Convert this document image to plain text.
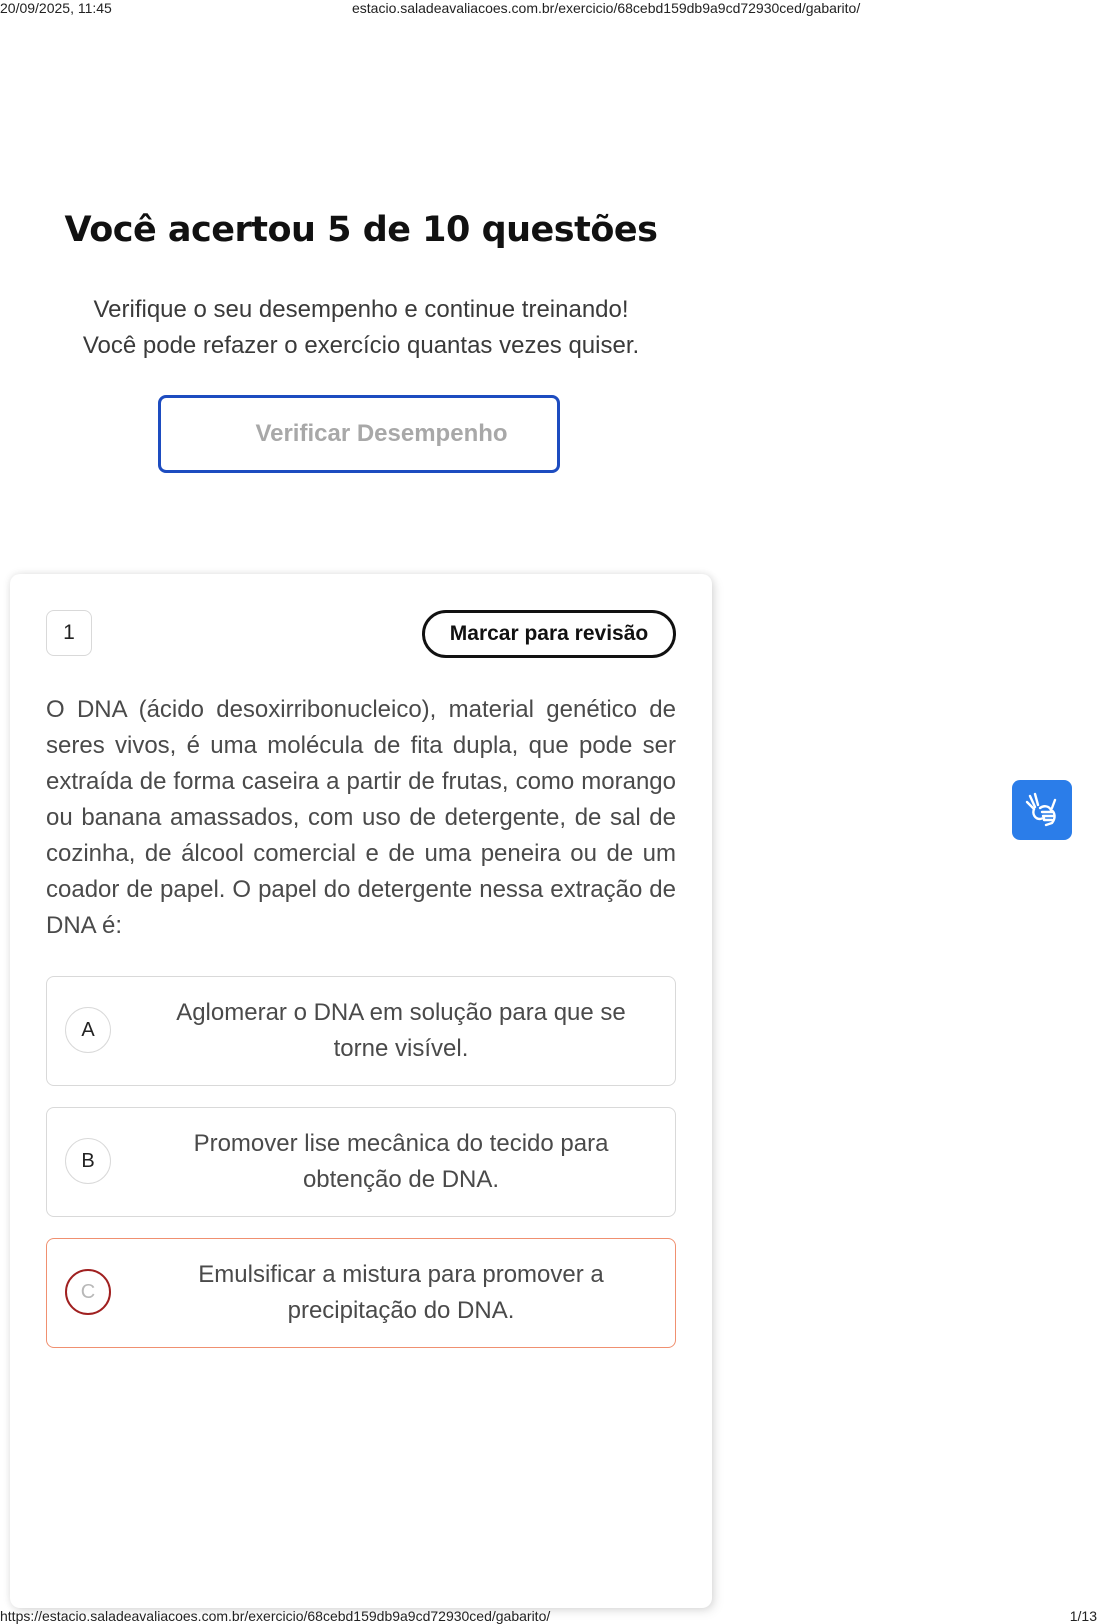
20/09/2025, 11:45	estacio.saladeavaliacoes.com.br/exercicio/68cebd159db9a9cd72930ced/gabarito/
Você acertou 5 de 10 questões
Verifique o seu desempenho e continue treinando!
Você pode refazer o exercício quantas vezes quiser.
Verificar Desempenho
1	Marcar para revisão

O DNA (ácido desoxirribonucleico), material genético de seres vivos, é uma molécula de fita dupla, que pode ser extraída de forma caseira a partir de frutas, como morango ou banana amassados, com uso de detergente, de sal de cozinha, de álcool comercial e de uma peneira ou de um coador de papel. O papel do detergente nessa extração de DNA é:

A
Aglomerar o DNA em solução para que se torne visível.
B
Promover lise mecânica do tecido para obtenção de DNA.
C
Emulsificar a mistura para promover a precipitação do DNA.
https://estacio.saladeavaliacoes.com.br/exercicio/68cebd159db9a9cd72930ced/gabarito/	1/13
